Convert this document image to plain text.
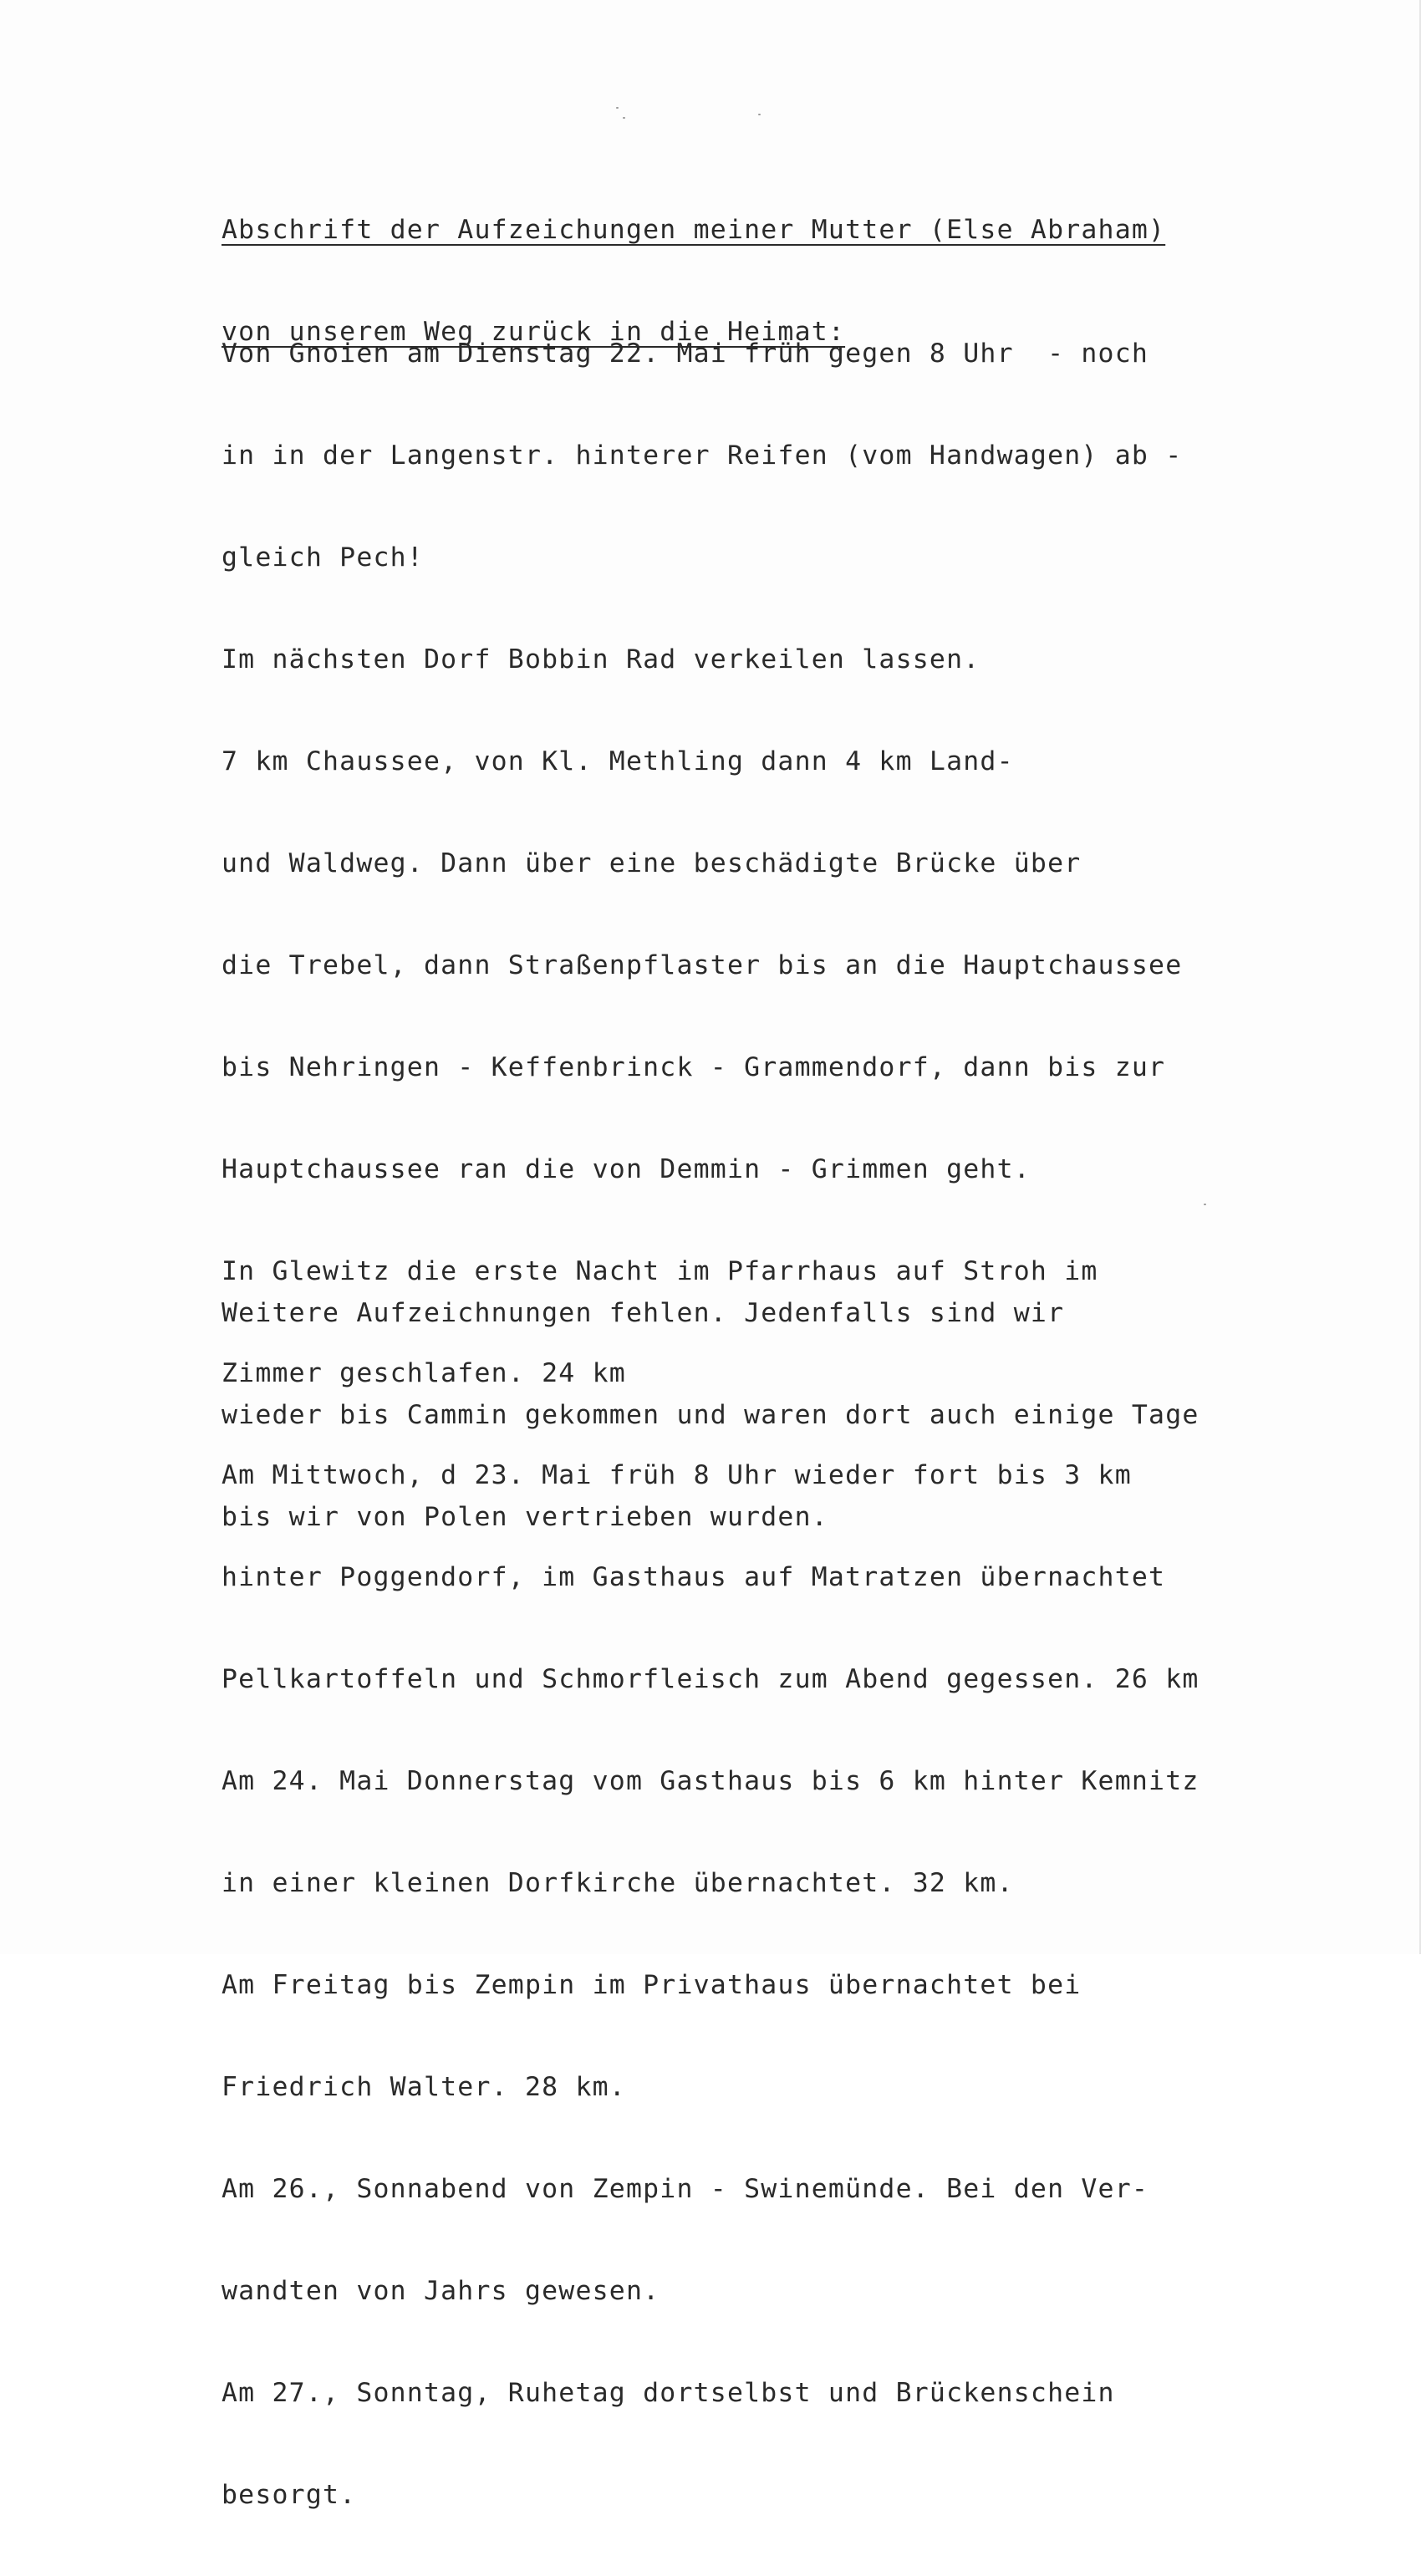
Abschrift der Aufzeichungen meiner Mutter (Else Abraham)

von unserem Weg zurück in die Heimat:

Von Gnoien am Dienstag 22. Mai früh gegen 8 Uhr  - noch

in in der Langenstr. hinterer Reifen (vom Handwagen) ab -

gleich Pech!

Im nächsten Dorf Bobbin Rad verkeilen lassen.

7 km Chaussee, von Kl. Methling dann 4 km Land-

und Waldweg. Dann über eine beschädigte Brücke über

die Trebel, dann Straßenpflaster bis an die Hauptchaussee

bis Nehringen - Keffenbrinck - Grammendorf, dann bis zur

Hauptchaussee ran die von Demmin - Grimmen geht.

In Glewitz die erste Nacht im Pfarrhaus auf Stroh im

Zimmer geschlafen. 24 km

Am Mittwoch, d 23. Mai früh 8 Uhr wieder fort bis 3 km

hinter Poggendorf, im Gasthaus auf Matratzen übernachtet

Pellkartoffeln und Schmorfleisch zum Abend gegessen. 26 km

Am 24. Mai Donnerstag vom Gasthaus bis 6 km hinter Kemnitz

in einer kleinen Dorfkirche übernachtet. 32 km.

Am Freitag bis Zempin im Privathaus übernachtet bei

Friedrich Walter. 28 km.

Am 26., Sonnabend von Zempin - Swinemünde. Bei den Ver-

wandten von Jahrs gewesen.

Am 27., Sonntag, Ruhetag dortselbst und Brückenschein

besorgt.

Weitere Aufzeichnungen fehlen. Jedenfalls sind wir

wieder bis Cammin gekommen und waren dort auch einige Tage

bis wir von Polen vertrieben wurden.
